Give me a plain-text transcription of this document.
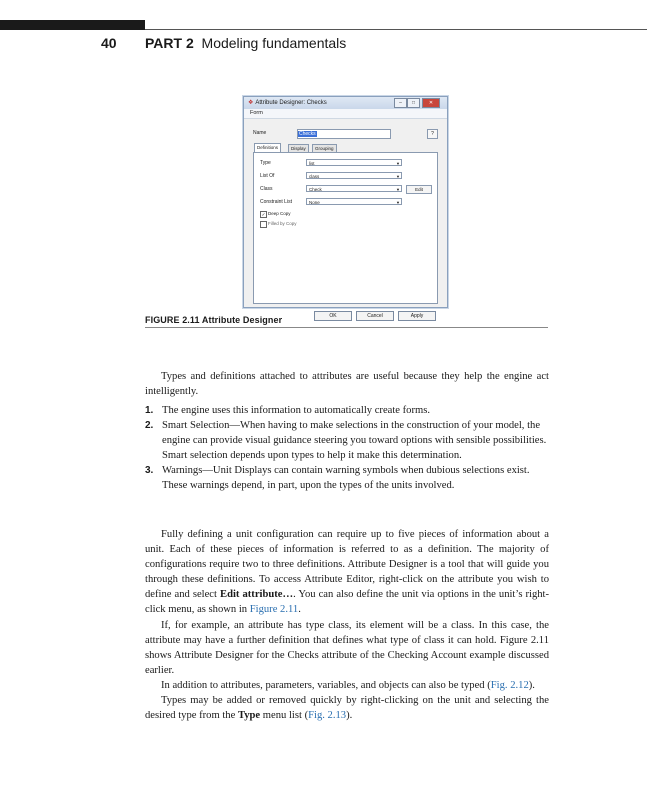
40 PART 2 Modeling fundamentals
❖ Attribute Designer: Checks	–	□	✕
Form
Name	Checks	?
Definitions	Display	Grouping
Type	list	▼
List Of	class	▼
Class	Check	▼	Edit
Constraint List	None	▼
✓ Deep Copy
Filled by Copy
OK	Cancel	Apply
FIGURE 2.11 Attribute Designer
Types and definitions attached to attributes are useful because they help the engine act intelligently.
1. The engine uses this information to automatically create forms.
2. Smart Selection—When having to make selections in the construction of your model, the engine can provide visual guidance steering you toward options with sensible possibilities. Smart selection depends upon types to help it make this determination.
3. Warnings—Unit Displays can contain warning symbols when dubious selections exist. These warnings depend, in part, upon the types of the units involved.
Fully defining a unit configuration can require up to five pieces of information about a unit. Each of these pieces of information is referred to as a definition. The majority of configurations require two to three definitions. Attribute Designer is a tool that will guide you through these definitions. To access Attribute Editor, right-click on the attribute you wish to define and select Edit attribute…. You can also define the unit via options in the unit’s right-click menu, as shown in Figure 2.11.
If, for example, an attribute has type class, its element will be a class. In this case, the attribute may have a further definition that defines what type of class it can hold. Figure 2.11 shows Attribute Designer for the Checks attribute of the Checking Account example discussed earlier.
In addition to attributes, parameters, variables, and objects can also be typed (Fig. 2.12).
Types may be added or removed quickly by right-clicking on the unit and selecting the desired type from the Type menu list (Fig. 2.13).
